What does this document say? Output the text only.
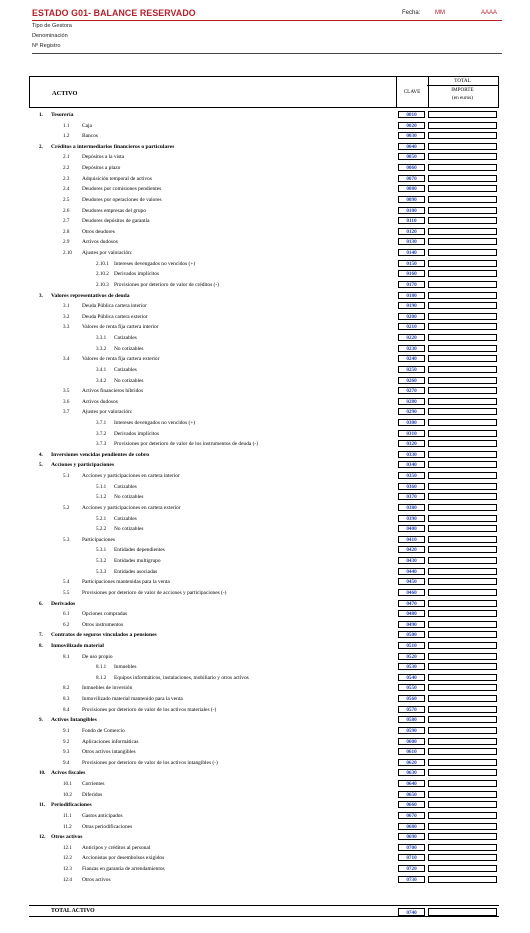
ESTADO G01- BALANCE RESERVADO	Fecha: MM	AAAA
Tipo de Gestora
Denominación
Nº Registro
ACTIVO	CLAVE
TOTAL
IMPORTE
(en euros)
1. Tesorería	0010
1.1 Caja	0020
1.2 Bancos	0030
2. Créditos a intermediarios financieros o particulares	0040
2.1 Depósitos a la vista	0050
2.2 Depósitos a plazo	0060
2.3 Adquisición temporal de activos	0070
2.4 Deudores por comisiones pendientes	0080
2.5 Deudores por operaciones de valores	0090
2.6 Deudores empresas del grupo	0100
2.7 Deudores depósitos de garantía	0110
2.8 Otros deudores	0120
2.9 Activos dudosos	0130
2.10 Ajustes por valoración:	0140
2.10.1 Intereses devengados no vencidos (+)	0150
2.10.2 Derivados implícitos	0160
2.10.3 Provisiones por deterioro de valor de créditos (-)	0170
3. Valores representativos de deuda	0180
3.1 Deuda Pública cartera interior	0190
3.2 Deuda Pública cartera exterior	0200
3.3 Valores de renta fija cartera interior	0210
3.3.1 Cotizables	0220
3.3.2 No cotizables	0230
3.4 Valores de renta fija cartera exterior	0240
3.4.1 Cotizables	0250
3.4.2 No cotizables	0260
3.5 Activos financieros híbridos	0270
3.6 Activos dudosos	0280
3.7 Ajustes por valoración:	0290
3.7.1 Intereses devengados no vencidos (+)	0300
3.7.2 Derivados implícitos	0310
3.7.3 Provisiones por deterioro de valor de los instrumentos de deuda (-)	0320
4. Inversiones vencidas pendientes de cobro	0330
5. Acciones y participaciones	0340
5.1 Acciones y participaciones en cartera interior	0350
5.1.1 Cotizables	0360
5.1.2 No cotizables	0370
5.2 Acciones y participaciones en cartera exterior	0380
5.2.1 Cotizables	0390
5.2.2 No cotizables	0400
5.3 Participaciones	0410
5.3.1 Entidades dependientes	0420
5.3.2 Entidades multigrupo	0430
5.3.3 Entidades asociadas	0440
5.4 Participaciones mantenidas para la venta	0450
5.5 Provisiones por deterioro de valor de acciones y participaciones (-)	0460
6. Derivados	0470
6.1 Opciones compradas	0480
6.2 Otros instrumentos	0490
7. Contratos de seguros vinculados a pensiones	0500
8. Inmovilizado material	0510
8.1 De uso propio	0520
8.1.1 Inmuebles	0530
8.1.2 Equipos informáticos, instalaciones, mobiliario y otros activos	0540
8.2 Inmuebles de inversión	0550
8.3 Inmovilizado material mantenido para la venta	0560
8.4 Provisiones por deterioro de valor de los activos materiales (-)	0570
9. Activos Intangibles	0580
9.1 Fondo de Comercio	0590
9.2 Aplicaciones informáticas	0600
9.3 Otros activos intangibles	0610
9.4 Provisiones por deterioro de valor de los activos intangibles (-)	0620
10. Acivos fiscales	0630
10.1 Corrientes	0640
10.2 Diferidos	0650
11. Periodificaciones	0660
11.1 Gastos anticipados	0670
11.2 Otras periodificaciones	0680
12. Otros activos	0690
12.1 Anticipos y créditos al personal	0700
12.2 Accionistas por desembolsos exigidos	0710
12.3 Fianzas en garantía de arrendamientos	0720
12.4 Otros activos	0730
TOTAL ACTIVO	0740
